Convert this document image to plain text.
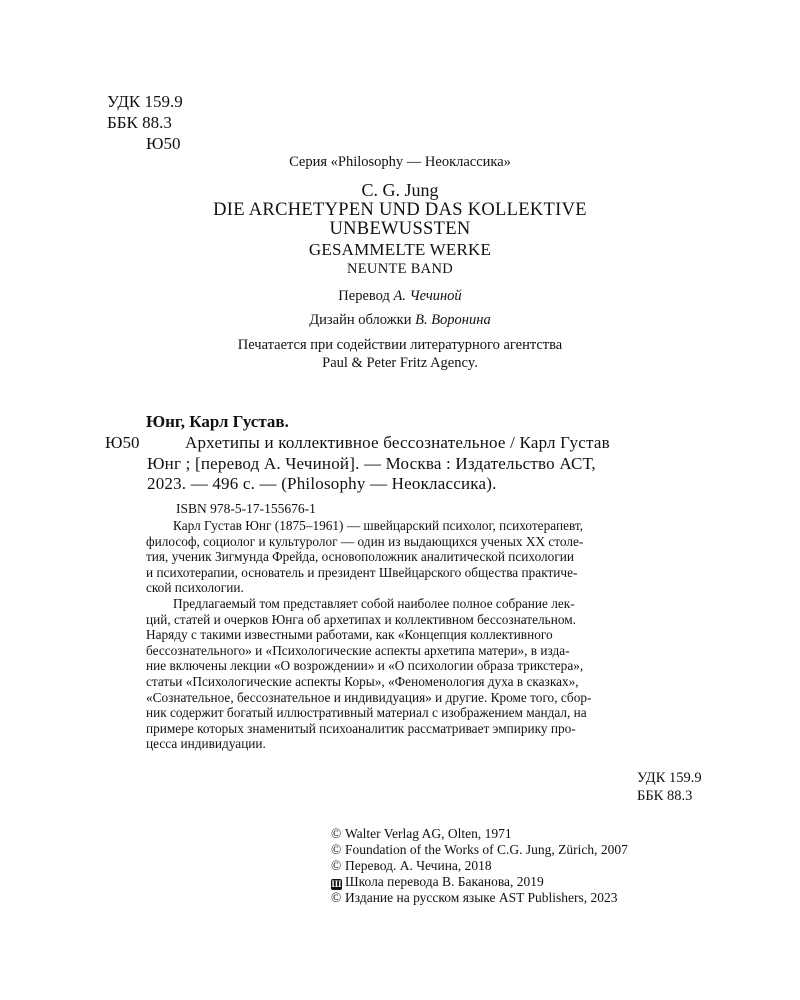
УДК 159.9
ББК 88.3
Ю50
Серия «Philosophy — Неоклассика»
C. G. Jung
DIE ARCHETYPEN UND DAS KOLLEKTIVE
UNBEWUSSTEN
GESAMMELTE WERKE
NEUNTE BAND
Перевод А. Чечиной
Дизайн обложки В. Воронина
Печатается при содействии литературного агентства
Paul & Peter Fritz Agency.
Юнг, Карл Густав.
Ю50	Архетипы и коллективное бессознательное / Карл Густав
Юнг ; [перевод А. Чечиной]. — Москва : Издательство АСТ,
2023. — 496 с. — (Philosophy — Неоклассика).
ISBN 978-5-17-155676-1
Карл Густав Юнг (1875–1961) — швейцарский психолог, психотерапевт,
философ, социолог и культуролог — один из выдающихся ученых XX столе-
тия, ученик Зигмунда Фрейда, основоположник аналитической психологии
и психотерапии, основатель и президент Швейцарского общества практиче-
ской психологии.
Предлагаемый том представляет собой наиболее полное собрание лек-
ций, статей и очерков Юнга об архетипах и коллективном бессознательном.
Наряду с такими известными работами, как «Концепция коллективного
бессознательного» и «Психологические аспекты архетипа матери», в изда-
ние включены лекции «О возрождении» и «О психологии образа трикстера»,
статьи «Психологические аспекты Коры», «Феноменология духа в сказках»,
«Сознательное, бессознательное и индивидуация» и другие. Кроме того, сбор-
ник содержит богатый иллюстративный материал с изображением мандал, на
примере которых знаменитый психоаналитик рассматривает эмпирику про-
цесса индивидуации.
УДК 159.9
ББК 88.3
© Walter Verlag AG, Olten, 1971
© Foundation of the Works of C.G. Jung, Zürich, 2007
© Перевод. А. Чечина, 2018
Ш Школа перевода В. Баканова, 2019
© Издание на русском языке AST Publishers, 2023
